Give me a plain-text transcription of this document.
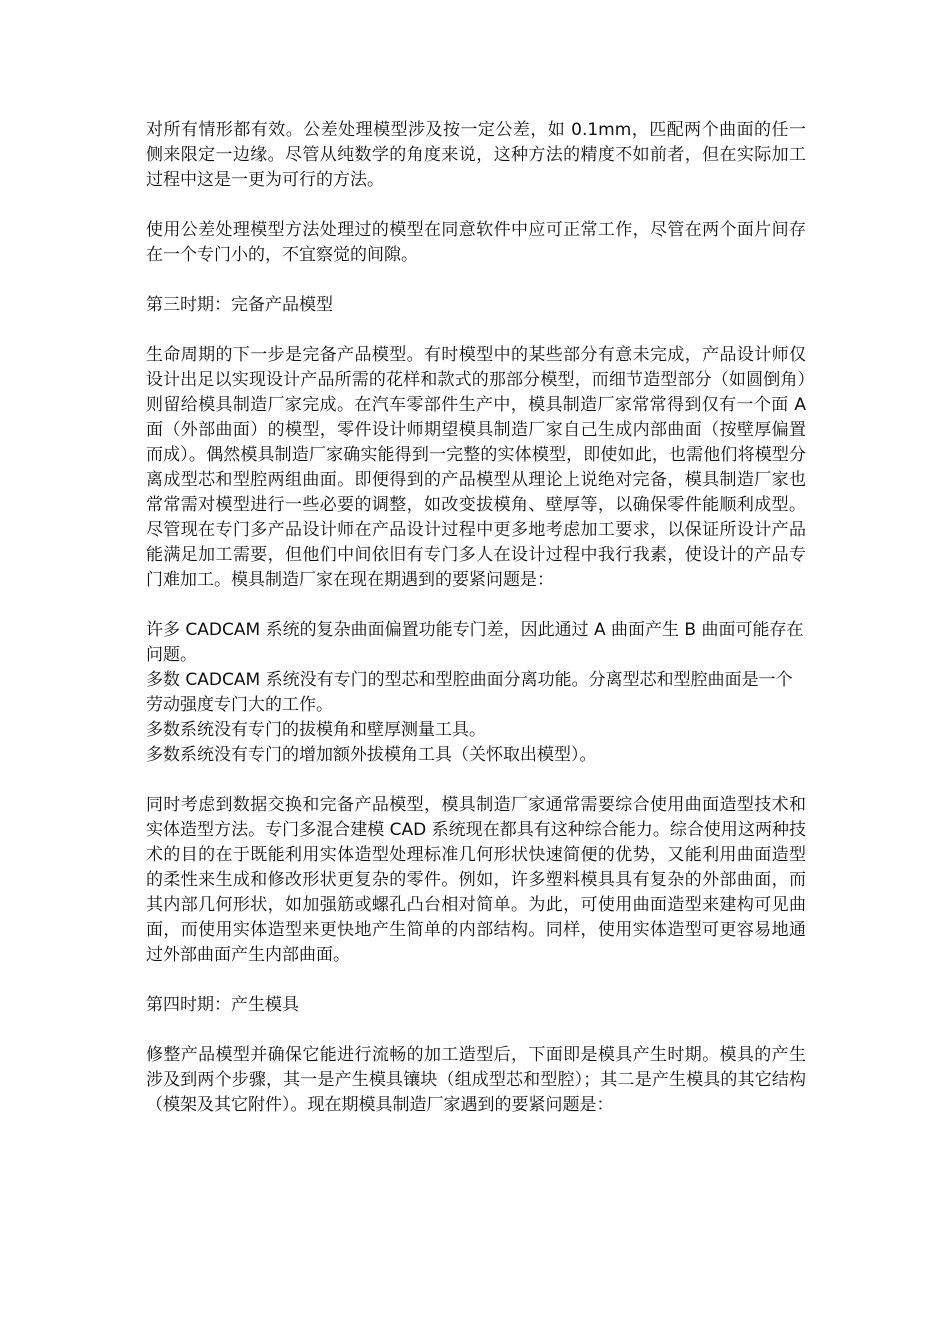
对所有情形都有效。公差处理模型涉及按一定公差，如 0.1mm，匹配两个曲面的任一侧来限定一边缘。尽管从纯数学的角度来说，这种方法的精度不如前者，但在实际加工过程中这是一更为可行的方法。

使用公差处理模型方法处理过的模型在同意软件中应可正常工作，尽管在两个面片间存在一个专门小的，不宜察觉的间隙。

第三时期：完备产品模型

生命周期的下一步是完备产品模型。有时模型中的某些部分有意未完成，产品设计师仅设计出足以实现设计产品所需的花样和款式的那部分模型，而细节造型部分（如圆倒角）则留给模具制造厂家完成。在汽车零部件生产中，模具制造厂家常常得到仅有一个面 A 面（外部曲面）的模型，零件设计师期望模具制造厂家自己生成内部曲面（按壁厚偏置而成）。偶然模具制造厂家确实能得到一完整的实体模型，即使如此，也需他们将模型分离成型芯和型腔两组曲面。即便得到的产品模型从理论上说绝对完备，模具制造厂家也常常需对模型进行一些必要的调整，如改变拔模角、壁厚等，以确保零件能顺利成型。尽管现在专门多产品设计师在产品设计过程中更多地考虑加工要求，以保证所设计产品能满足加工需要，但他们中间依旧有专门多人在设计过程中我行我素，使设计的产品专门难加工。模具制造厂家在现在期遇到的要紧问题是：

许多 CADCAM 系统的复杂曲面偏置功能专门差，因此通过 A 曲面产生 B 曲面可能存在问题。
多数 CADCAM 系统没有专门的型芯和型腔曲面分离功能。分离型芯和型腔曲面是一个劳动强度专门大的工作。
多数系统没有专门的拔模角和壁厚测量工具。
多数系统没有专门的增加额外拔模角工具（关怀取出模型）。

同时考虑到数据交换和完备产品模型，模具制造厂家通常需要综合使用曲面造型技术和实体造型方法。专门多混合建模 CAD 系统现在都具有这种综合能力。综合使用这两种技术的目的在于既能利用实体造型处理标准几何形状快速简便的优势，又能利用曲面造型的柔性来生成和修改形状更复杂的零件。例如，许多塑料模具具有复杂的外部曲面，而其内部几何形状，如加强筋或螺孔凸台相对简单。为此，可使用曲面造型来建构可见曲面，而使用实体造型来更快地产生简单的内部结构。同样，使用实体造型可更容易地通过外部曲面产生内部曲面。

第四时期：产生模具

修整产品模型并确保它能进行流畅的加工造型后，下面即是模具产生时期。模具的产生涉及到两个步骤，其一是产生模具镶块（组成型芯和型腔）；其二是产生模具的其它结构（模架及其它附件）。现在期模具制造厂家遇到的要紧问题是：
